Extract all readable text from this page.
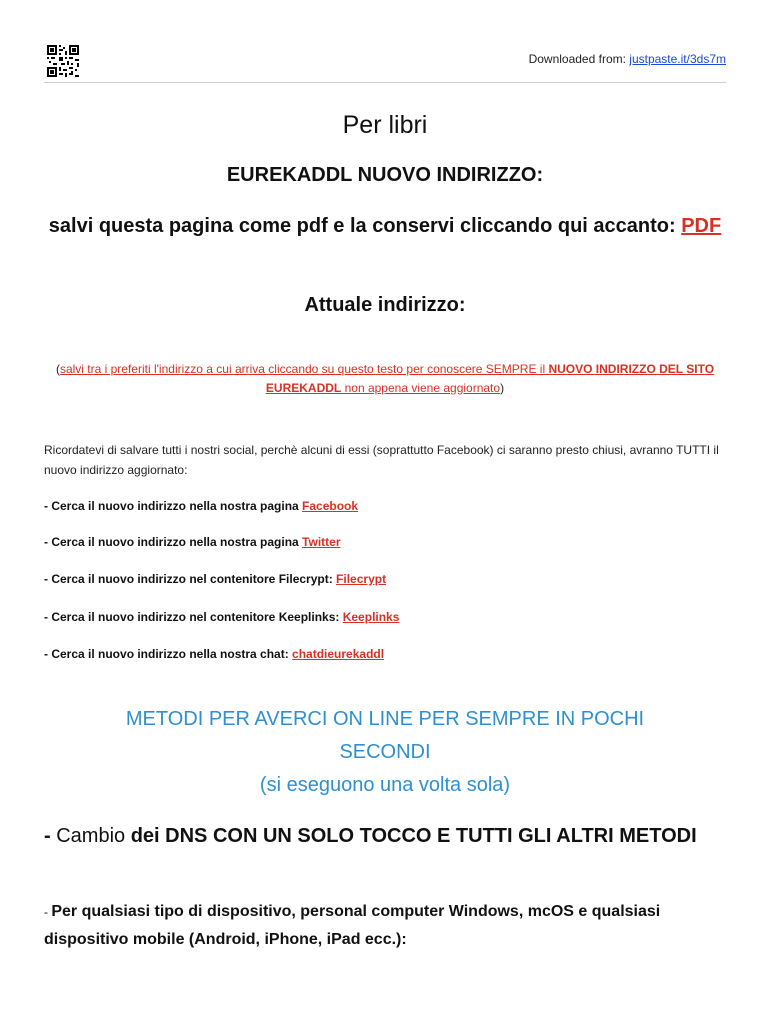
Downloaded from: justpaste.it/3ds7m
Per libri
EUREKADDL NUOVO INDIRIZZO:
salvi questa pagina come pdf e la conservi cliccando qui accanto: PDF
Attuale indirizzo:
(salvi tra i preferiti l'indirizzo a cui arriva cliccando su questo testo per conoscere SEMPRE il NUOVO INDIRIZZO DEL SITO EUREKADDL non appena viene aggiornato)
Ricordatevi di salvare tutti i nostri social, perchè alcuni di essi (soprattutto Facebook) ci saranno presto chiusi, avranno TUTTI il nuovo indirizzo aggiornato:
- Cerca il nuovo indirizzo nella nostra pagina Facebook
- Cerca il nuovo indirizzo nella nostra pagina Twitter
- Cerca il nuovo indirizzo nel contenitore Filecrypt: Filecrypt
- Cerca il nuovo indirizzo nel contenitore Keeplinks: Keeplinks
- Cerca il nuovo indirizzo nella nostra chat: chatdieurekaddl
METODI PER AVERCI ON LINE PER SEMPRE IN POCHI SECONDI
(si eseguono una volta sola)
- Cambio dei DNS CON UN SOLO TOCCO E TUTTI GLI ALTRI METODI
- Per qualsiasi tipo di dispositivo, personal computer Windows, mcOS e qualsiasi dispositivo mobile (Android, iPhone, iPad ecc.):
